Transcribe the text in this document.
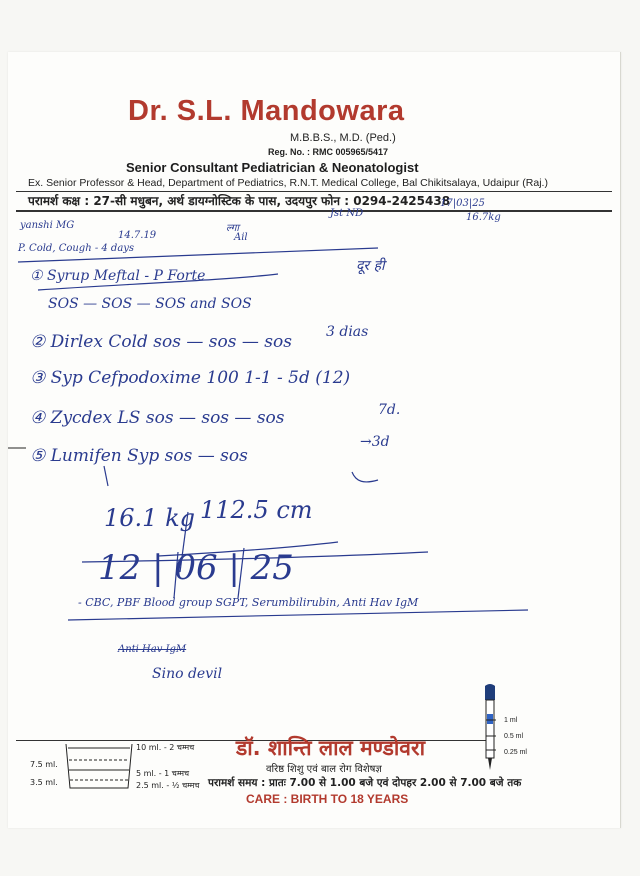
Dr. S.L. Mandowara
M.B.B.S., M.D. (Ped.)
Reg. No. : RMC 005965/5417
Senior Consultant Pediatrician & Neonatologist
Ex. Senior Professor & Head, Department of Pediatrics, R.N.T. Medical College, Bal Chikitsalaya, Udaipur (Raj.)
परामर्श कक्ष : 27-सी मधुबन, अर्थ डायग्नोस्टिक के पास, उदयपुर फोन : 0294-2425438
17|03|25
16.7kg
yanshi MG
14.7.19
ल्गा
Ail
Jst ND
P. Cold, Cough - 4 days
① Syrup Meftal - P Forte
SOS — SOS — SOS and SOS
② Dirlex Cold sos — sos — sos
③ Syp Cefpodoxime 100 1-1 - 5d (12)
④ Zycdex LS sos — sos — sos
⑤ Lumifen Syp sos — sos
दूर ही
3 dias
7d.
→3d
16.1 kg 112.5 cm
12 | 06 | 25
- CBC, PBF Blood group SGPT, Serumbilirubin, Anti Hav IgM
Anti Hav IgM
Sino devil
10 ml. - 2 चम्मच
7.5 ml.
5 ml. - 1 चम्मच
3.5 ml.	2.5 ml. - ½ चम्मच
डॉ. शान्ति लाल मण्डोवरा
वरिष्ठ शिशु एवं बाल रोग विशेषज्ञ
परामर्श समय : प्रातः 7.00 से 1.00 बजे एवं दोपहर 2.00 से 7.00 बजे तक
CARE : BIRTH TO 18 YEARS
1 ml
0.5 ml
0.25 ml
